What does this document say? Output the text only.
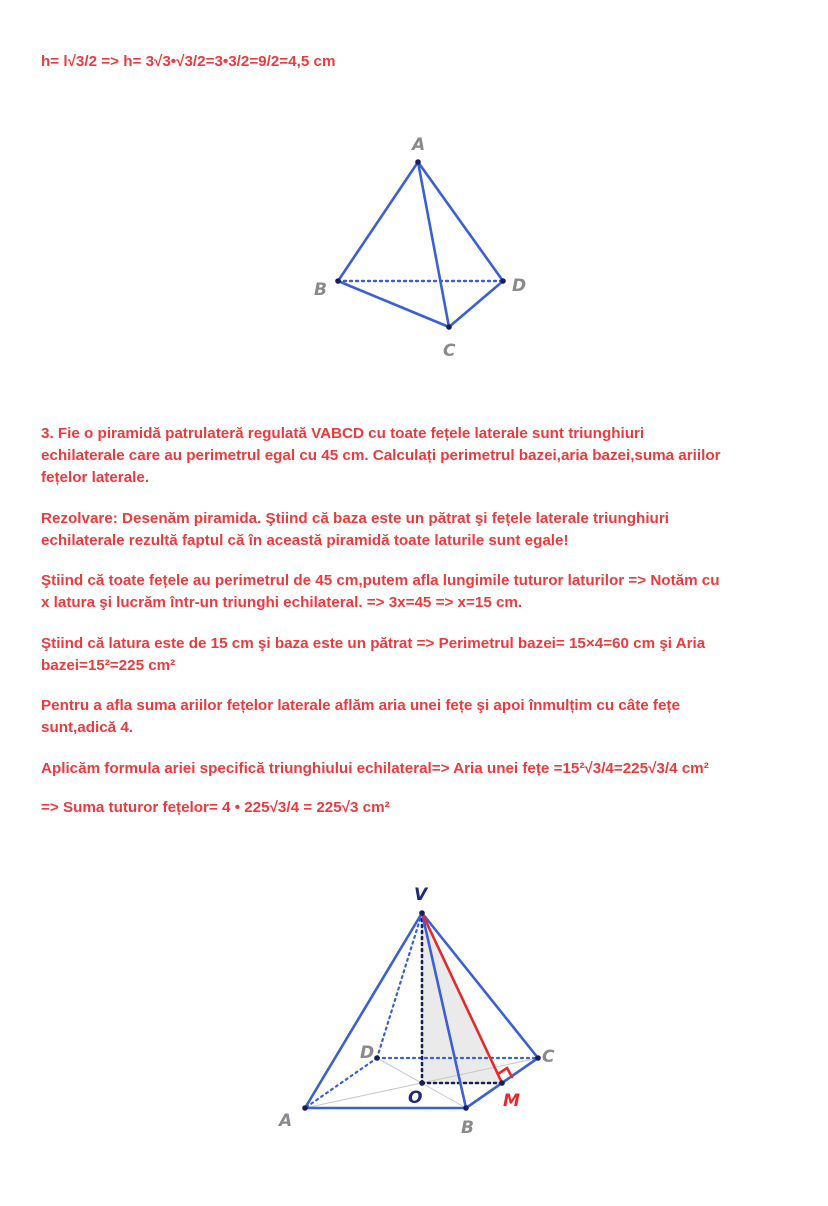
h= l√3/2 => h= 3√3•√3/2=3•3/2=9/2=4,5 cm

A
B	D
C

3. Fie o piramidă patrulateră regulată VABCD cu toate fețele laterale sunt triunghiuri
echilaterale care au perimetrul egal cu 45 cm. Calculați perimetrul bazei,aria bazei,suma ariilor
fețelor laterale.

Rezolvare: Desenăm piramida. Ştiind că baza este un pătrat şi fețele laterale triunghiuri
echilaterale rezultă faptul că în această piramidă toate laturile sunt egale!

Ştiind că toate fețele au perimetrul de 45 cm,putem afla lungimile tuturor laturilor => Notăm cu
x latura şi lucrăm într-un triunghi echilateral. => 3x=45 => x=15 cm.

Ştiind că latura este de 15 cm şi baza este un pătrat => Perimetrul bazei= 15×4=60 cm şi Aria
bazei=15²=225 cm²

Pentru a afla suma ariilor fețelor laterale aflăm aria unei fețe şi apoi înmulțim cu câte fețe
sunt,adică 4.

Aplicăm formula ariei specifică triunghiului echilateral=> Aria unei fețe =15²√3/4=225√3/4 cm²

=> Suma tuturor fețelor= 4 • 225√3/4 = 225√3 cm²

V
A	B
C
D
O	M
